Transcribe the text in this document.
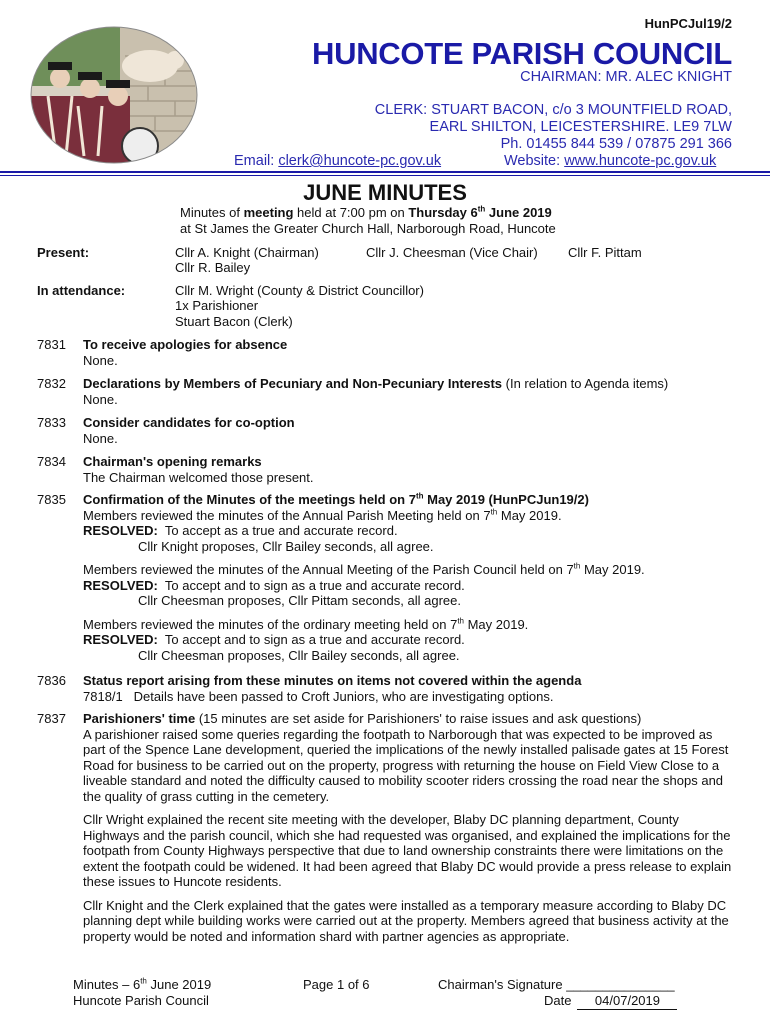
HunPCJul19/2
HUNCOTE PARISH COUNCIL
CHAIRMAN: MR. ALEC KNIGHT
CLERK: STUART BACON, c/o 3 MOUNTFIELD ROAD,
EARL SHILTON, LEICESTERSHIRE. LE9 7LW
Ph. 01455 844 539 / 07875 291 366
Email: clerk@huncote-pc.gov.uk	Website: www.huncote-pc.gov.uk
JUNE MINUTES
Minutes of meeting held at 7:00 pm on Thursday 6th June 2019
at St James the Greater Church Hall, Narborough Road, Huncote
Present:	Cllr A. Knight (Chairman)	Cllr J. Cheesman (Vice Chair) Cllr F. Pittam
Cllr R. Bailey
In attendance:	Cllr M. Wright (County & District Councillor)
1x Parishioner
Stuart Bacon (Clerk)
7831 To receive apologies for absence

None.

7832 Declarations by Members of Pecuniary and Non-Pecuniary Interests (In relation to Agenda items)

None.

7833 Consider candidates for co-option

None.

7834 Chairman's opening remarks

The Chairman welcomed those present.

7835 Confirmation of the Minutes of the meetings held on 7th May 2019 (HunPCJun19/2)

Members reviewed the minutes of the Annual Parish Meeting held on 7th May 2019.

RESOLVED:  To accept as a true and accurate record.

Cllr Knight proposes, Cllr Bailey seconds, all agree.

Members reviewed the minutes of the Annual Meeting of the Parish Council held on 7th May 2019.

RESOLVED:  To accept and to sign as a true and accurate record.

Cllr Cheesman proposes, Cllr Pittam seconds, all agree.

Members reviewed the minutes of the ordinary meeting held on 7th May 2019.

RESOLVED:  To accept and to sign as a true and accurate record.

Cllr Cheesman proposes, Cllr Bailey seconds, all agree.

7836 Status report arising from these minutes on items not covered within the agenda

7818/1   Details have been passed to Croft Juniors, who are investigating options.

7837 Parishioners' time (15 minutes are set aside for Parishioners' to raise issues and ask questions)

A parishioner raised some queries regarding the footpath to Narborough that was expected to be improved as part of the Spence Lane development, queried the implications of the newly installed palisade gates at 15 Forest Road for business to be carried out on the property, progress with returning the house on Field View Close to a liveable standard and noted the difficulty caused to mobility scooter riders crossing the road near the shops and the quality of grass cutting in the cemetery.

Cllr Wright explained the recent site meeting with the developer, Blaby DC planning department, County Highways and the parish council, which she had requested was organised, and explained the implications for the footpath from County Highways perspective that due to land ownership constraints there were limitations on the extent the footpath could be widened. It had been agreed that Blaby DC would provide a press release to explain these issues to Huncote residents.

Cllr Knight and the Clerk explained that the gates were installed as a temporary measure according to Blaby DC planning dept while building works were carried out at the property. Members agreed that business activity at the property would be noted and information shard with partner agencies as appropriate.

Minutes – 6th June 2019
Huncote Parish Council
Page 1 of 6	Chairman's Signature _______________
Date 04/07/2019
